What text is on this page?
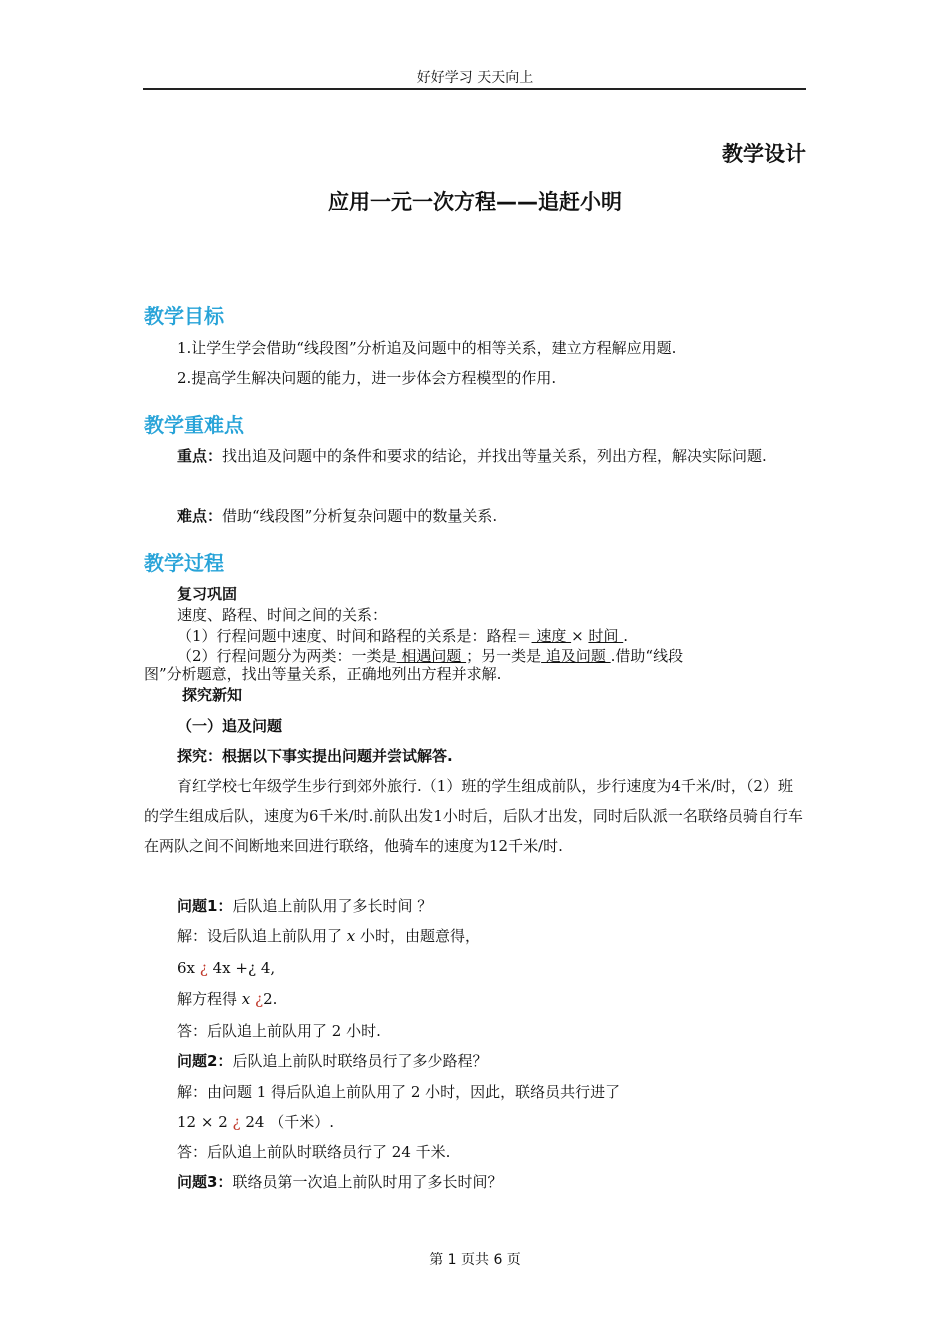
好好学习 天天向上
教学设计
应用一元一次方程——追赶小明
教学目标
1.让学生学会借助“线段图”分析追及问题中的相等关系，建立方程解应用题.
2.提高学生解决问题的能力，进一步体会方程模型的作用.
教学重难点
重点：找出追及问题中的条件和要求的结论，并找出等量关系，列出方程，解决实际问题.
难点：借助“线段图”分析复杂问题中的数量关系.
教学过程
复习巩固
速度、路程、时间之间的关系：
（1）行程问题中速度、时间和路程的关系是：路程＝ 速度 × 时间 .
（2）行程问题分为两类：一类是 相遇问题 ；另一类是 追及问题 .借助“线段
图”分析题意，找出等量关系，正确地列出方程并求解.
探究新知
（一）追及问题
探究：根据以下事实提出问题并尝试解答.
育红学校七年级学生步行到郊外旅行.（1）班的学生组成前队，步行速度为4千米/时，（2）班的学生组成后队，速度为6千米/时.前队出发1小时后，后队才出发，同时后队派一名联络员骑自行车在两队之间不间断地来回进行联络，他骑车的速度为12千米/时.
问题1：后队追上前队用了多长时间 ？
解：设后队追上前队用了 x 小时，由题意得，
6x ¿ 4x +¿ 4,
解方程得 x ¿2.
答：后队追上前队用了 2 小时.
问题2：后队追上前队时联络员行了多少路程？
解：由问题 1 得后队追上前队用了 2 小时，因此，联络员共行进了
12 × 2 ¿ 24 （千米）.
答：后队追上前队时联络员行了 24 千米.
问题3：联络员第一次追上前队时用了多长时间？
第 1 页共 6 页
